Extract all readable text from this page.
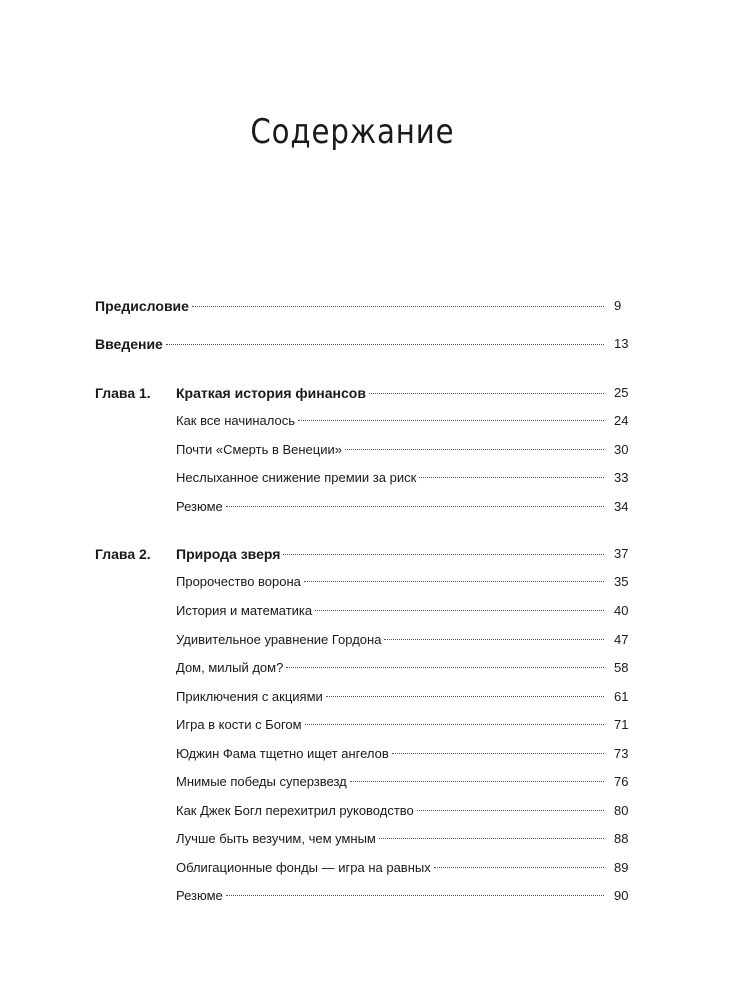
Содержание
Предисловие	9
Введение	13
Глава 1. Краткая история финансов	25
Как все начиналось	24
Почти «Смерть в Венеции»	30
Неслыханное снижение премии за риск	33
Резюме	34
Глава 2. Природа зверя	37
Пророчество ворона	35
История и математика	40
Удивительное уравнение Гордона	47
Дом, милый дом?	58
Приключения с акциями	61
Игра в кости с Богом	71
Юджин Фама тщетно ищет ангелов	73
Мнимые победы суперзвезд	76
Как Джек Богл перехитрил руководство	80
Лучше быть везучим, чем умным	88
Облигационные фонды — игра на равных	89
Резюме	90
